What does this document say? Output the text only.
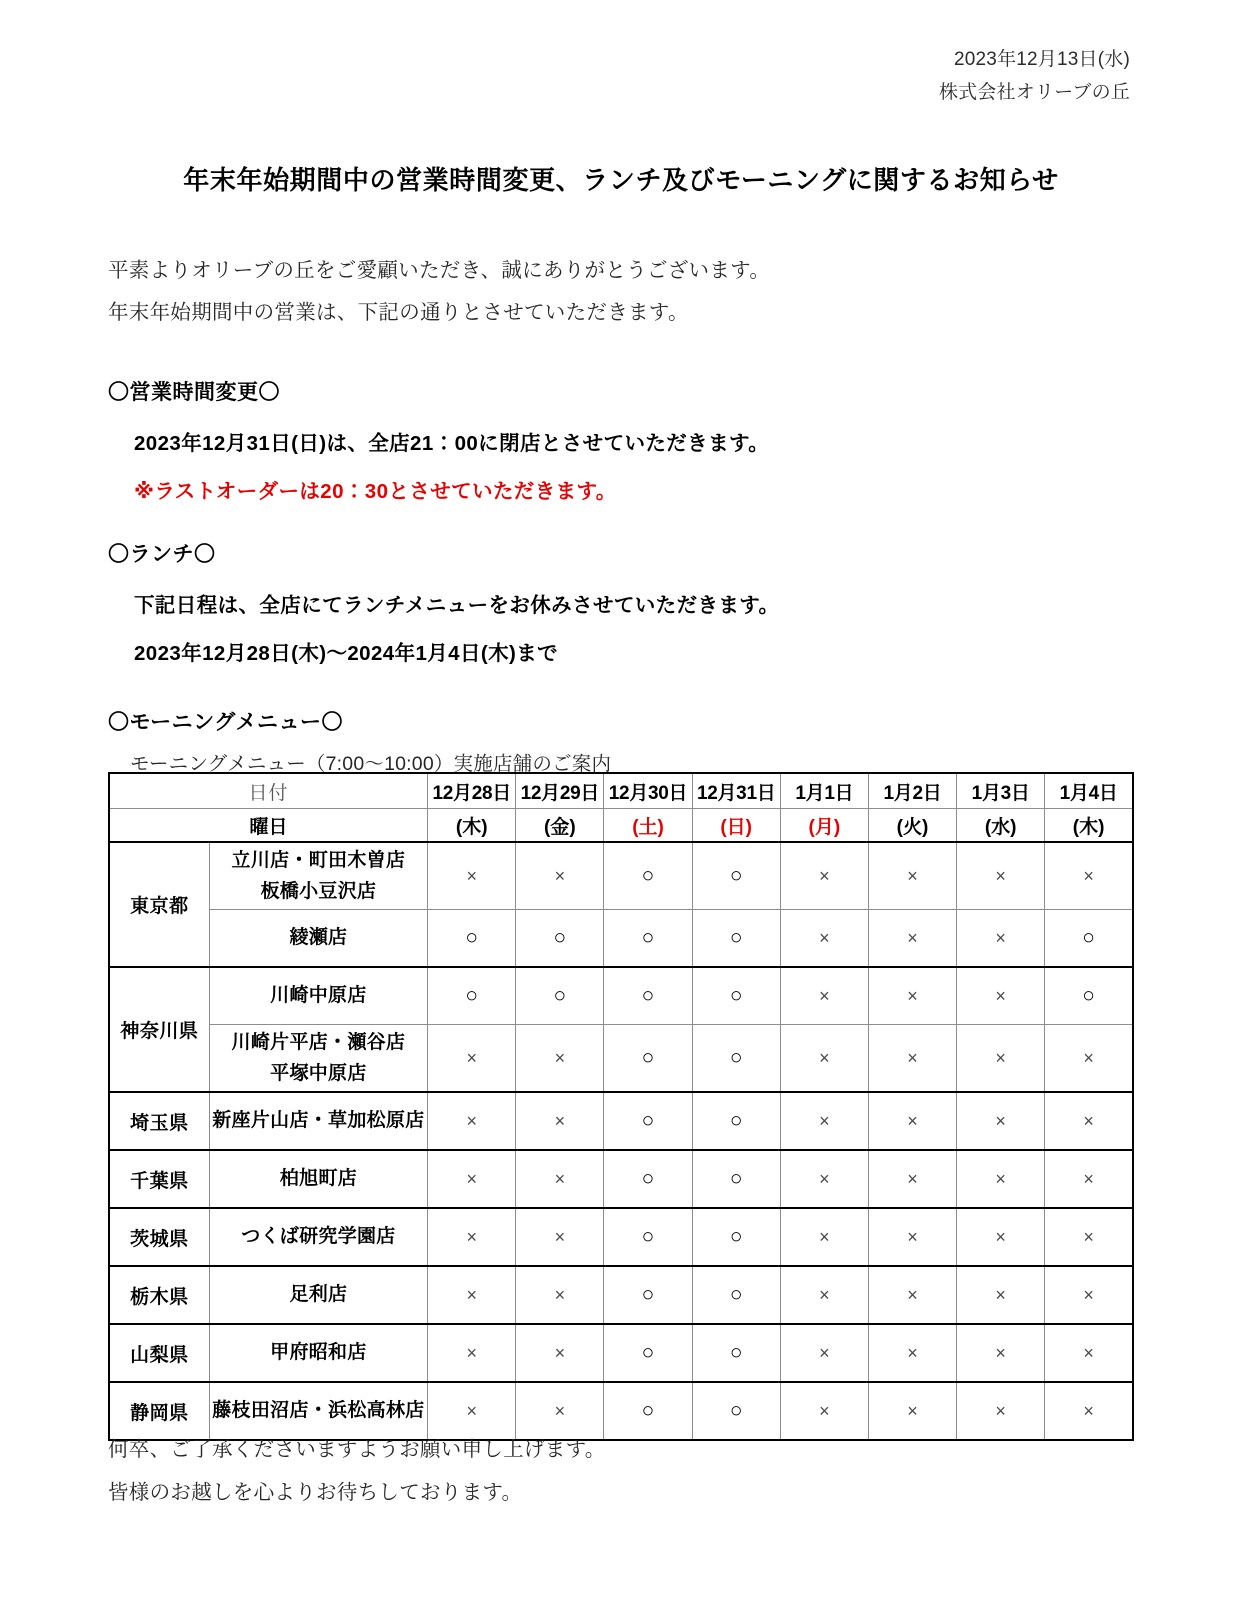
2023年12月13日(水)
株式会社オリーブの丘
年末年始期間中の営業時間変更、ランチ及びモーニングに関するお知らせ
平素よりオリーブの丘をご愛顧いただき、誠にありがとうございます。
年末年始期間中の営業は、下記の通りとさせていただきます。
〇営業時間変更〇
2023年12月31日(日)は、全店21：00に閉店とさせていただきます。
※ラストオーダーは20：30とさせていただきます。
〇ランチ〇
下記日程は、全店にてランチメニューをお休みさせていただきます。
2023年12月28日(木)〜2024年1月4日(木)まで
〇モーニングメニュー〇
モーニングメニュー（7:00〜10:00）実施店舗のご案内
日付		12月28日	12月29日	12月30日	12月31日	1月1日	1月2日	1月3日	1月4日
曜日		(木)	(金)	(土)	(日)	(月)	(火)	(水)	(木)
東京都	立川店・町田木曽店
板橋小豆沢店	×	×	○	○	×	×	×	×

	綾瀬店	○	○	○	○	×	×	×	○
神奈川県	川崎中原店	○	○	○	○	×	×	×	○

	川崎片平店・瀬谷店
平塚中原店	×	×	○	○	×	×	×	×
埼玉県	新座片山店・草加松原店	×	×	○	○	×	×	×	×
千葉県	柏旭町店	×	×	○	○	×	×	×	×
茨城県	つくば研究学園店	×	×	○	○	×	×	×	×
栃木県	足利店	×	×	○	○	×	×	×	×
山梨県	甲府昭和店	×	×	○	○	×	×	×	×
静岡県	藤枝田沼店・浜松高林店	×	×	○	○	×	×	×	×
何卒、ご了承くださいますようお願い申し上げます。
皆様のお越しを心よりお待ちしております。
